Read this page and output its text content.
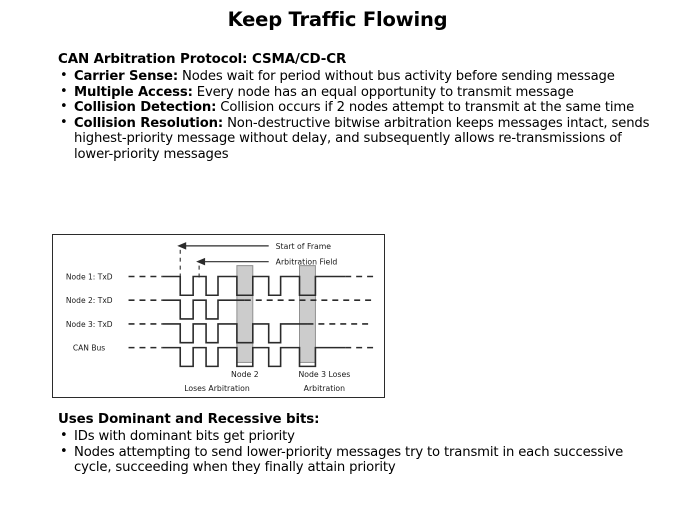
Keep Traffic Flowing
CAN Arbitration Protocol: CSMA/CD-CR
• Carrier Sense: Nodes wait for period without bus activity before sending message
• Multiple Access: Every node has an equal opportunity to transmit message
• Collision Detection: Collision occurs if 2 nodes attempt to transmit at the same time
• Collision Resolution: Non-destructive bitwise arbitration keeps messages intact, sends highest-priority message without delay, and subsequently allows re-transmissions of lower-priority messages
Start of Frame
Arbitration Field
Node 1: TxD
Node 2: TxD
Node 3: TxD
CAN Bus
Node 2
Loses Arbitration
Node 3 Loses
Arbitration
Uses Dominant and Recessive bits:
• IDs with dominant bits get priority
• Nodes attempting to send lower-priority messages try to transmit in each successive cycle, succeeding when they finally attain priority
